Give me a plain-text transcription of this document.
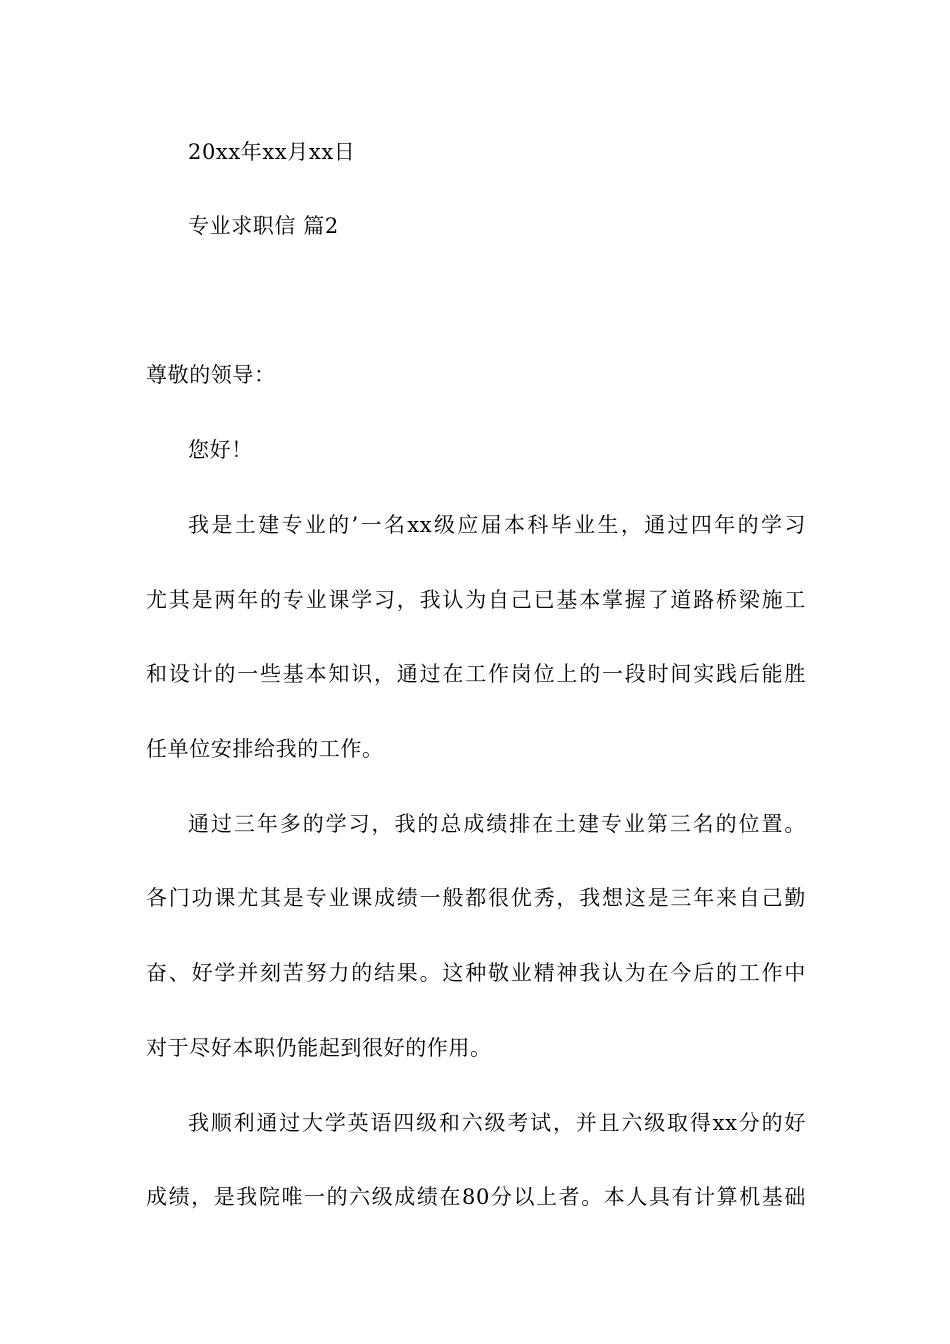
20xx年xx月xx日
专业求职信 篇2
尊敬的领导：
您好！
我是土建专业的’一名xx级应届本科毕业生，通过四年的学习
尤其是两年的专业课学习，我认为自己已基本掌握了道路桥梁施工
和设计的一些基本知识，通过在工作岗位上的一段时间实践后能胜
任单位安排给我的工作。
通过三年多的学习，我的总成绩排在土建专业第三名的位置。
各门功课尤其是专业课成绩一般都很优秀，我想这是三年来自己勤
奋、好学并刻苦努力的结果。这种敬业精神我认为在今后的工作中
对于尽好本职仍能起到很好的作用。
我顺利通过大学英语四级和六级考试，并且六级取得xx分的好
成绩，是我院唯一的六级成绩在80分以上者。本人具有计算机基础
